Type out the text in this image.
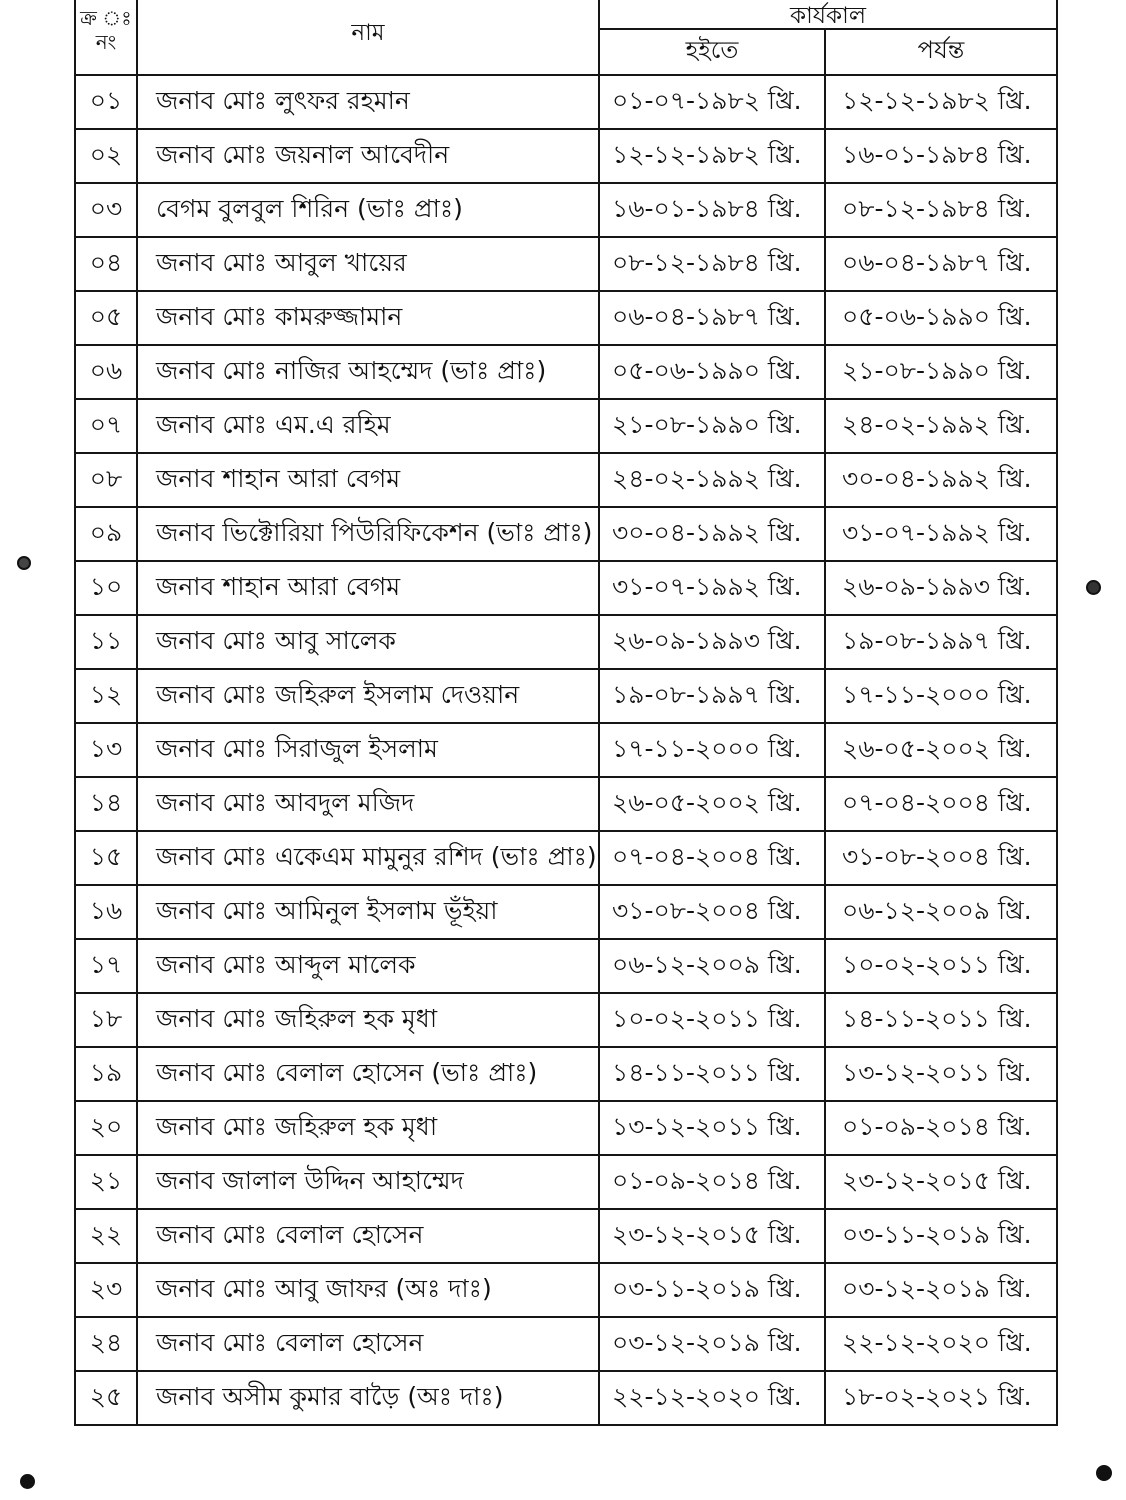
ক্র ঃ
নং	নাম	কার্যকাল	
		হইতে	পর্যন্ত
০১	জনাব মোঃ লুৎফর রহমান	০১-০৭-১৯৮২ খ্রি.	১২-১২-১৯৮২ খ্রি.
০২	জনাব মোঃ জয়নাল আবেদীন	১২-১২-১৯৮২ খ্রি.	১৬-০১-১৯৮৪ খ্রি.
০৩	বেগম বুলবুল শিরিন (ভাঃ প্রাঃ)	১৬-০১-১৯৮৪ খ্রি.	০৮-১২-১৯৮৪ খ্রি.
০৪	জনাব মোঃ আবুল খায়ের	০৮-১২-১৯৮৪ খ্রি.	০৬-০৪-১৯৮৭ খ্রি.
০৫	জনাব মোঃ কামরুজ্জামান	০৬-০৪-১৯৮৭ খ্রি.	০৫-০৬-১৯৯০ খ্রি.
০৬	জনাব মোঃ নাজির আহম্মেদ (ভাঃ প্রাঃ)	০৫-০৬-১৯৯০ খ্রি.	২১-০৮-১৯৯০ খ্রি.
০৭	জনাব মোঃ এম.এ রহিম	২১-০৮-১৯৯০ খ্রি.	২৪-০২-১৯৯২ খ্রি.
০৮	জনাব শাহান আরা বেগম	২৪-০২-১৯৯২ খ্রি.	৩০-০৪-১৯৯২ খ্রি.
০৯	জনাব ভিক্টোরিয়া পিউরিফিকেশন (ভাঃ প্রাঃ)	৩০-০৪-১৯৯২ খ্রি.	৩১-০৭-১৯৯২ খ্রি.
১০	জনাব শাহান আরা বেগম	৩১-০৭-১৯৯২ খ্রি.	২৬-০৯-১৯৯৩ খ্রি.
১১	জনাব মোঃ আবু সালেক	২৬-০৯-১৯৯৩ খ্রি.	১৯-০৮-১৯৯৭ খ্রি.
১২	জনাব মোঃ জহিরুল ইসলাম দেওয়ান	১৯-০৮-১৯৯৭ খ্রি.	১৭-১১-২০০০ খ্রি.
১৩	জনাব মোঃ সিরাজুল ইসলাম	১৭-১১-২০০০ খ্রি.	২৬-০৫-২০০২ খ্রি.
১৪	জনাব মোঃ আবদুল মজিদ	২৬-০৫-২০০২ খ্রি.	০৭-০৪-২০০৪ খ্রি.
১৫	জনাব মোঃ একেএম মামুনুর রশিদ (ভাঃ প্রাঃ)	০৭-০৪-২০০৪ খ্রি.	৩১-০৮-২০০৪ খ্রি.
১৬	জনাব মোঃ আমিনুল ইসলাম ভূঁইয়া	৩১-০৮-২০০৪ খ্রি.	০৬-১২-২০০৯ খ্রি.
১৭	জনাব মোঃ আব্দুল মালেক	০৬-১২-২০০৯ খ্রি.	১০-০২-২০১১ খ্রি.
১৮	জনাব মোঃ জহিরুল হক মৃধা	১০-০২-২০১১ খ্রি.	১৪-১১-২০১১ খ্রি.
১৯	জনাব মোঃ বেলাল হোসেন (ভাঃ প্রাঃ)	১৪-১১-২০১১ খ্রি.	১৩-১২-২০১১ খ্রি.
২০	জনাব মোঃ জহিরুল হক মৃধা	১৩-১২-২০১১ খ্রি.	০১-০৯-২০১৪ খ্রি.
২১	জনাব জালাল উদ্দিন আহাম্মেদ	০১-০৯-২০১৪ খ্রি.	২৩-১২-২০১৫ খ্রি.
২২	জনাব মোঃ বেলাল হোসেন	২৩-১২-২০১৫ খ্রি.	০৩-১১-২০১৯ খ্রি.
২৩	জনাব মোঃ আবু জাফর (অঃ দাঃ)	০৩-১১-২০১৯ খ্রি.	০৩-১২-২০১৯ খ্রি.
২৪	জনাব মোঃ বেলাল হোসেন	০৩-১২-২০১৯ খ্রি.	২২-১২-২০২০ খ্রি.
২৫	জনাব অসীম কুমার বাড়ৈ (অঃ দাঃ)	২২-১২-২০২০ খ্রি.	১৮-০২-২০২১ খ্রি.
